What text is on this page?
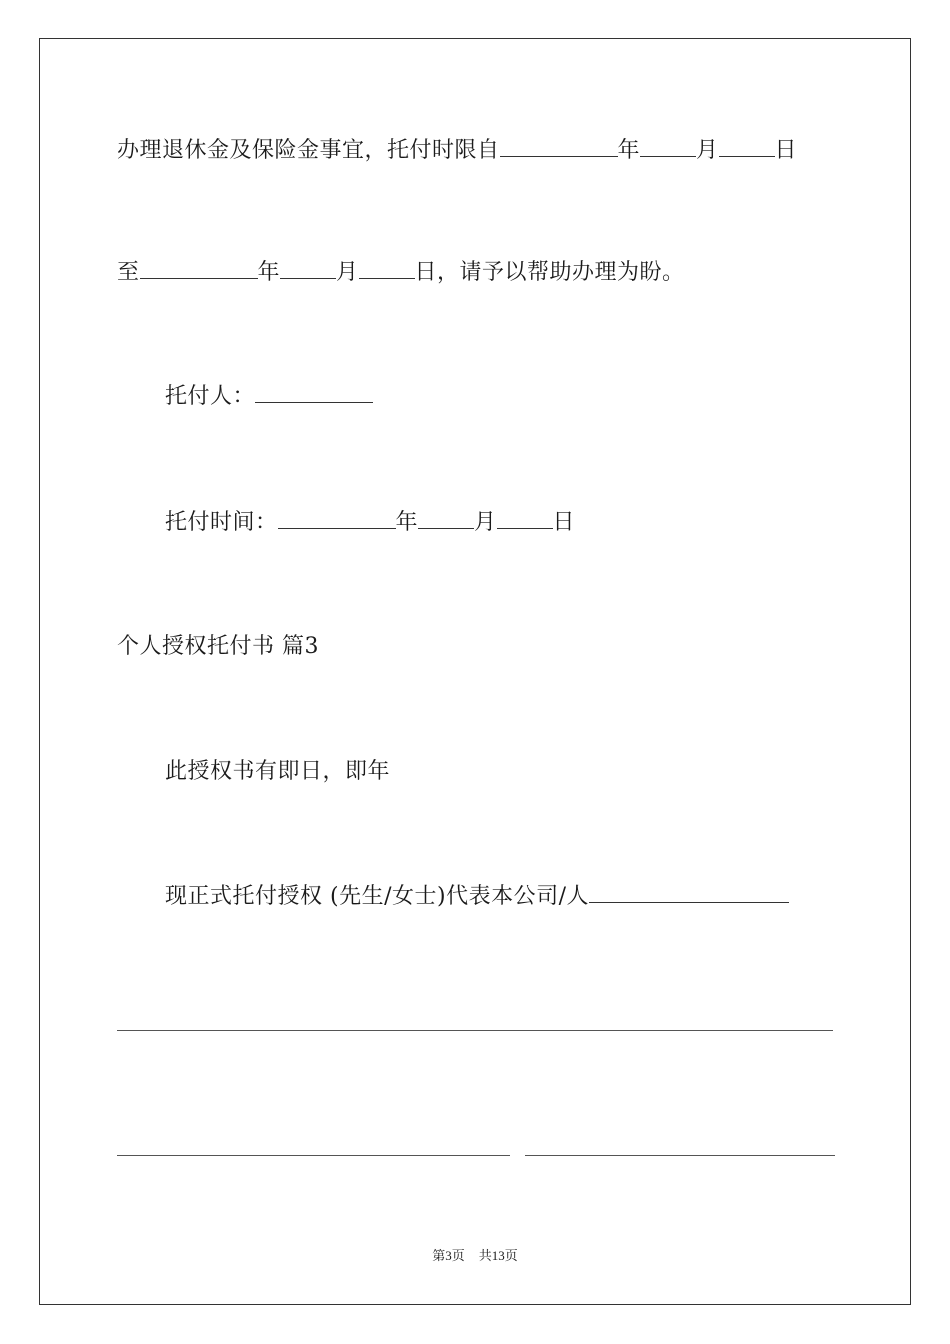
办理退休金及保险金事宜，托付时限自	年	月	日
至	年	月	日，请予以帮助办理为盼。
托付人：
托付时间：	年	月	日
个人授权托付书 篇3
此授权书有即日，即年
现正式托付授权 (先生/女士)代表本公司/人
第3页 共13页
